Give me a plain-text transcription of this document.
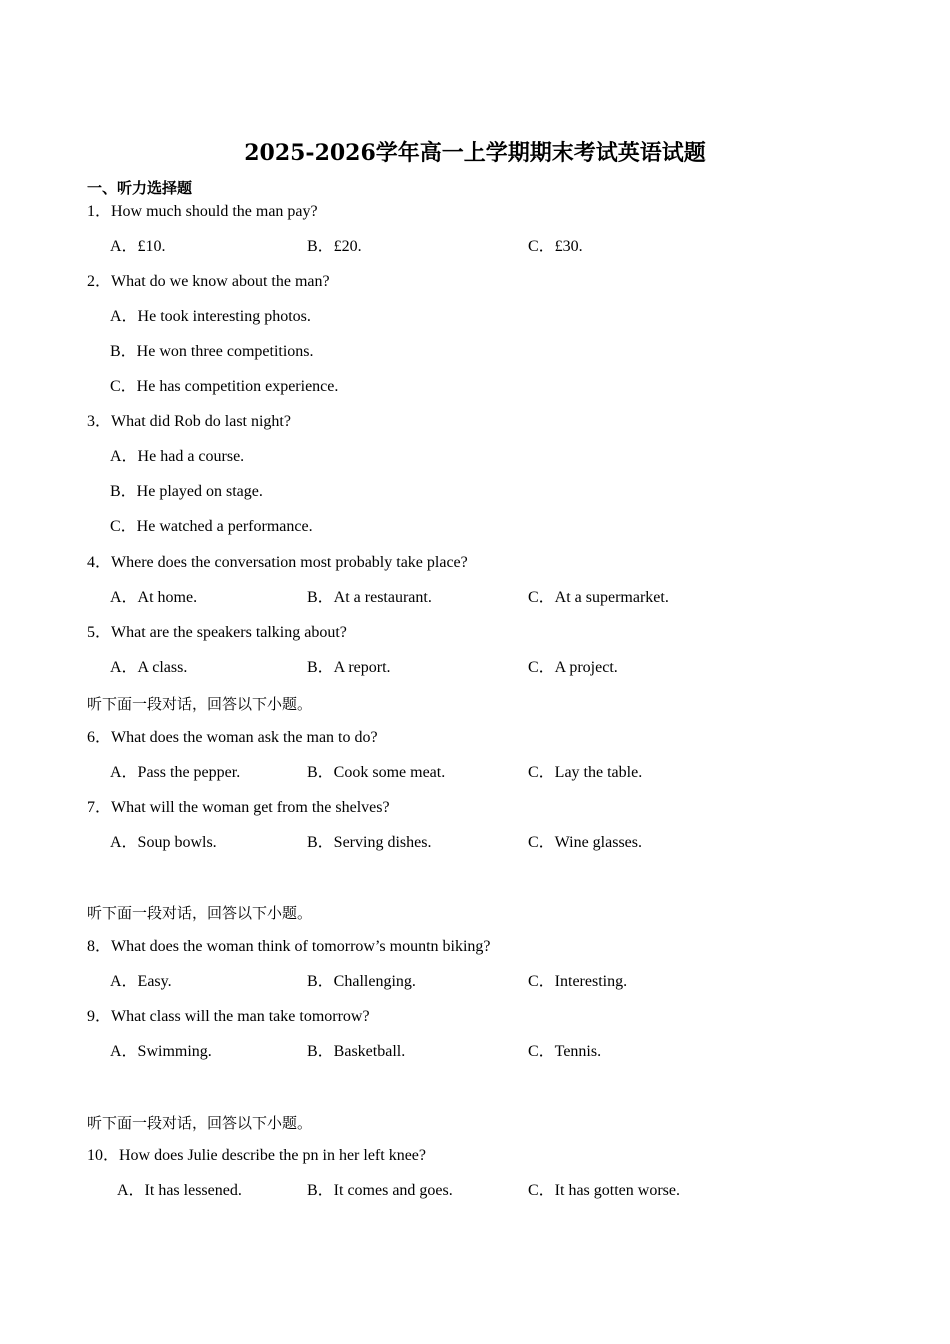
2025-2026学年高一上学期期末考试英语试题
一、听力选择题
1．How much should the man pay?
A．£10.	B．£20.	C．£30.
2．What do we know about the man?
A．He took interesting photos.
B．He won three competitions.
C．He has competition experience.
3．What did Rob do last night?
A．He had a course.
B．He played on stage.
C．He watched a performance.
4．Where does the conversation most probably take place?
A．At home.	B．At a restaurant.	C．At a supermarket.
5．What are the speakers talking about?
A．A class.	B．A report.	C．A project.
听下面一段对话，回答以下小题。
6．What does the woman ask the man to do?
A．Pass the pepper.	B．Cook some meat.	C．Lay the table.
7．What will the woman get from the shelves?
A．Soup bowls.	B．Serving dishes.	C．Wine glasses.
听下面一段对话，回答以下小题。
8．What does the woman think of tomorrow’s mountn biking?
A．Easy.	B．Challenging.	C．Interesting.
9．What class will the man take tomorrow?
A．Swimming.	B．Basketball.	C．Tennis.
听下面一段对话，回答以下小题。
10．How does Julie describe the pn in her left knee?
A．It has lessened.	B．It comes and goes.	C．It has gotten worse.
